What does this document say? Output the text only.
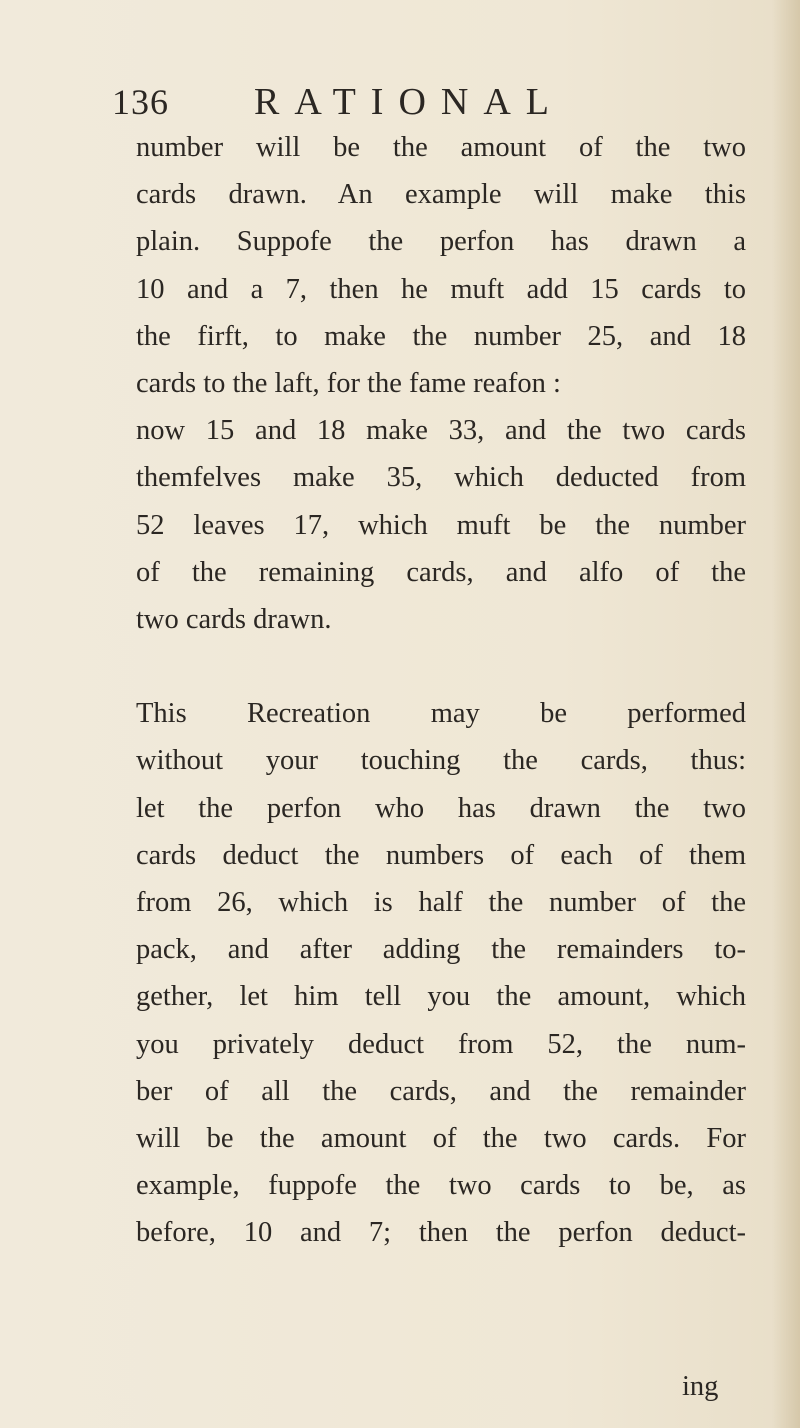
136 RATIONAL
number will be the amount of the two
cards drawn. An example will make this
plain. Suppofe the perfon has drawn a
10 and a 7, then he muft add 15 cards to
the firft, to make the number 25, and 18
cards to the laft, for the fame reafon :
now 15 and 18 make 33, and the two cards
themfelves make 35, which deducted from
52 leaves 17, which muft be the number
of the remaining cards, and alfo of the
two cards drawn.
This Recreation may be performed
without your touching the cards, thus:
let the perfon who has drawn the two
cards deduct the numbers of each of them
from 26, which is half the number of the
pack, and after adding the remainders to-
gether, let him tell you the amount, which
you privately deduct from 52, the num-
ber of all the cards, and the remainder
will be the amount of the two cards. For
example, fuppofe the two cards to be, as
before, 10 and 7; then the perfon deduct-
ing
